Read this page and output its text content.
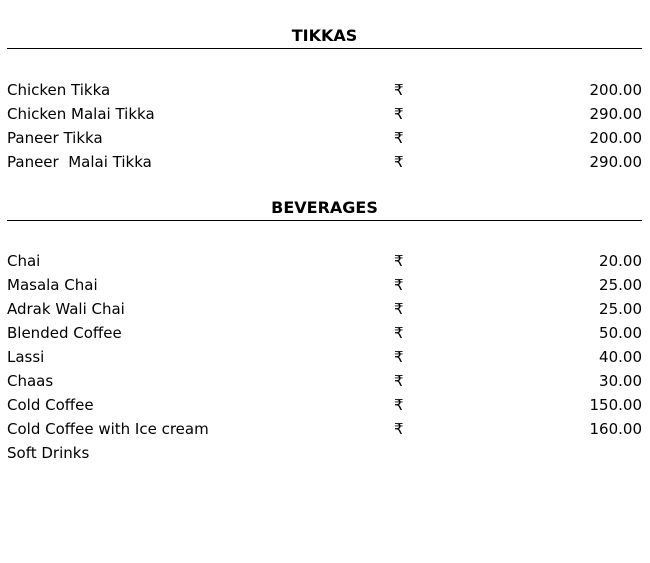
TIKKAS
Chicken Tikka	₹	200.00
Chicken Malai Tikka	₹	290.00
Paneer Tikka	₹	200.00
Paneer  Malai Tikka	₹	290.00
BEVERAGES
Chai	₹	20.00
Masala Chai	₹	25.00
Adrak Wali Chai	₹	25.00
Blended Coffee	₹	50.00
Lassi	₹	40.00
Chaas	₹	30.00
Cold Coffee	₹	150.00
Cold Coffee with Ice cream	₹	160.00
Soft Drinks
